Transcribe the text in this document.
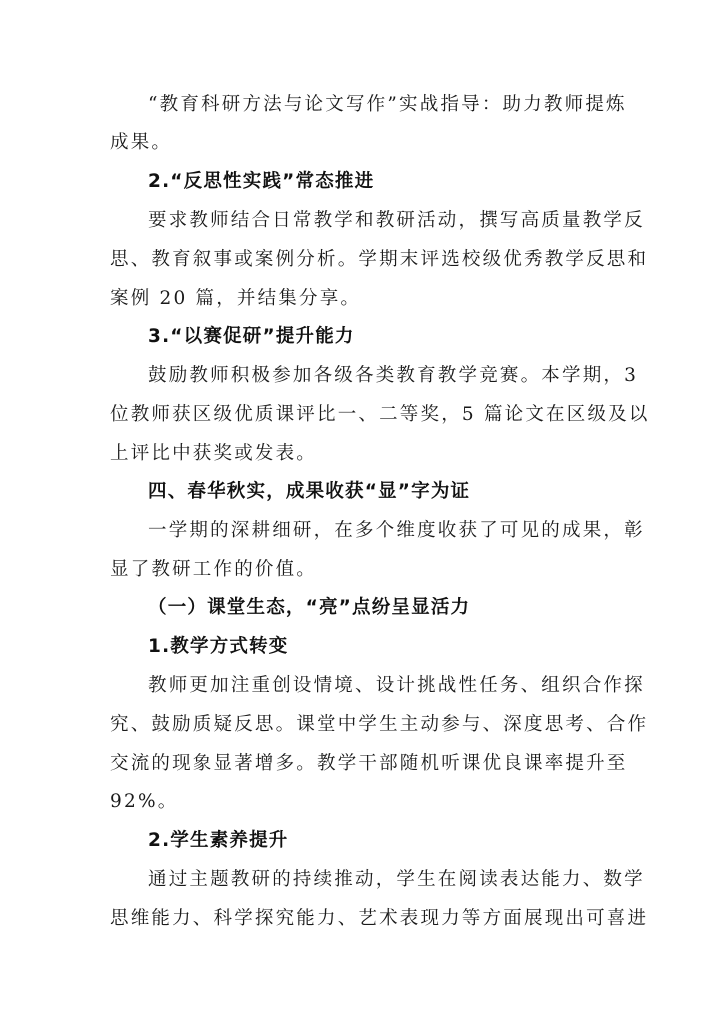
“教育科研方法与论文写作”实战指导：助力教师提炼

成果。

2.“反思性实践”常态推进

要求教师结合日常教学和教研活动，撰写高质量教学反

思、教育叙事或案例分析。学期末评选校级优秀教学反思和

案例 20 篇，并结集分享。

3.“以赛促研”提升能力

鼓励教师积极参加各级各类教育教学竞赛。本学期，3

位教师获区级优质课评比一、二等奖，5 篇论文在区级及以

上评比中获奖或发表。

四、春华秋实，成果收获“显”字为证

一学期的深耕细研，在多个维度收获了可见的成果，彰

显了教研工作的价值。

（一）课堂生态，“亮”点纷呈显活力

1.教学方式转变

教师更加注重创设情境、设计挑战性任务、组织合作探

究、鼓励质疑反思。课堂中学生主动参与、深度思考、合作

交流的现象显著增多。教学干部随机听课优良课率提升至

92%。

2.学生素养提升

通过主题教研的持续推动，学生在阅读表达能力、数学

思维能力、科学探究能力、艺术表现力等方面展现出可喜进
